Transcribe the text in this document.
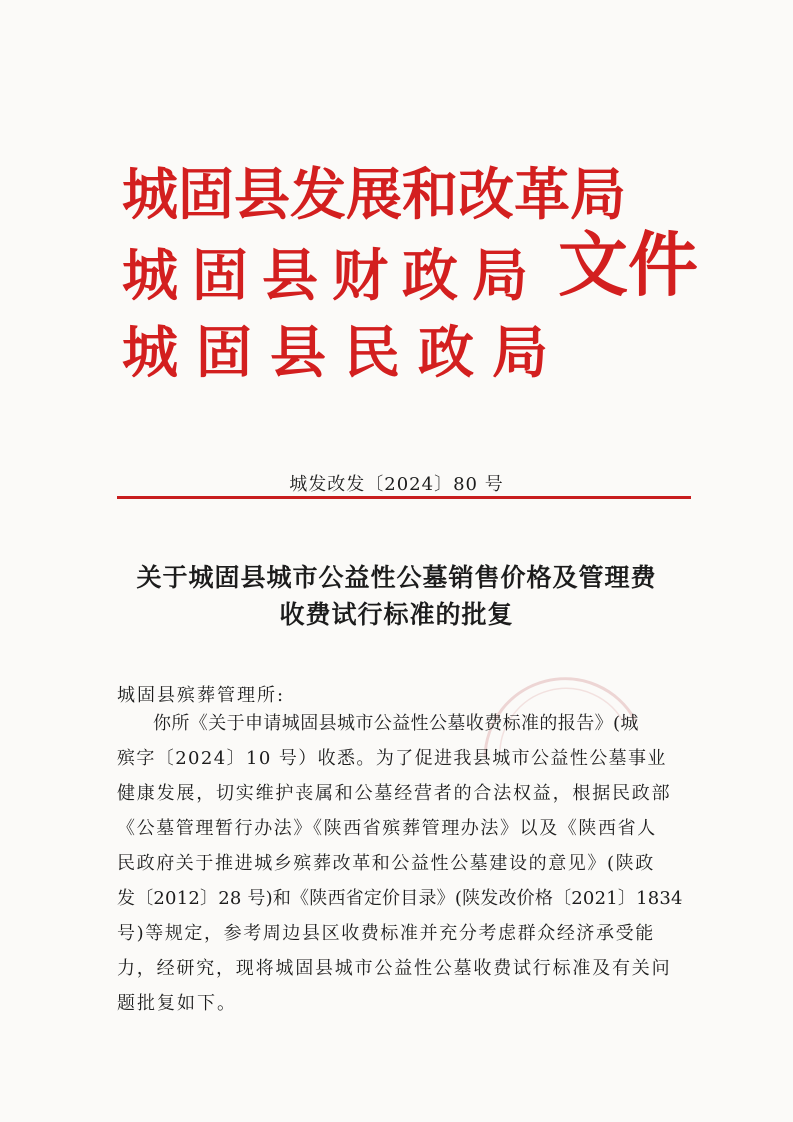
城固县发展和改革局

城固县财政局

城固县民政局

文件

城发改发〔2024〕80 号

关于城固县城市公益性公墓销售价格及管理费

收费试行标准的批复

城固县殡葬管理所:

你所《关于申请城固县城市公益性公墓收费标准的报告》(城

殡字〔2024〕10 号）收悉。为了促进我县城市公益性公墓事业

健康发展，切实维护丧属和公墓经营者的合法权益，根据民政部

《公墓管理暂行办法》《陕西省殡葬管理办法》以及《陕西省人

民政府关于推进城乡殡葬改革和公益性公墓建设的意见》(陕政

发〔2012〕28 号)和《陕西省定价目录》(陕发改价格〔2021〕1834

号)等规定，参考周边县区收费标准并充分考虑群众经济承受能

力，经研究，现将城固县城市公益性公墓收费试行标准及有关问

题批复如下。
